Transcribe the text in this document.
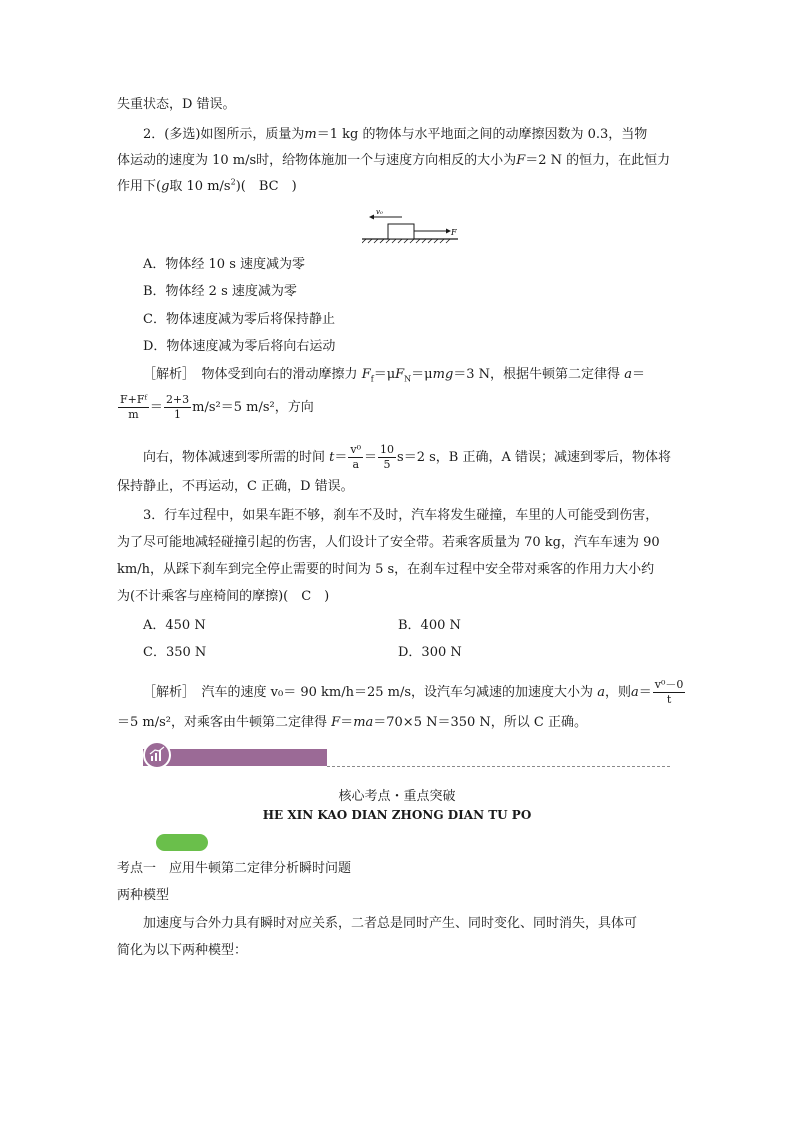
失重状态，D 错误。
2．(多选)如图所示，质量为m＝1 kg 的物体与水平地面之间的动摩擦因数为 0.3，当物
体运动的速度为 10 m/s时，给物体施加一个与速度方向相反的大小为F＝2 N 的恒力，在此恒力
作用下(g取 10 $m/s^2$)(　BC　)
v₀
F
A．物体经 10 s 速度减为零
B．物体经 2 s 速度减为零
C．物体速度减为零后将保持静止
D．物体速度减为零后将向右运动
［解析］　 物体受到向右的滑动摩擦力 $F_f=\mu F_N=\mu mg=3$ N，根据牛顿第二定律得 a＝
$\frac{\text{F+Fᶠ}}{m} = \frac{2+3}{1} m/s^2=5$ m/s²，方向
向右，物体减速到零所需的时间 $t= \frac{\text{v⁰}}{a} = \frac{10}{5} s=2$ s，B 正确，A 错误；减速到零后，物体将
保持静止，不再运动，C 正确，D 错误。
3．行车过程中，如果车距不够，刹车不及时，汽车将发生碰撞，车里的人可能受到伤害，
为了尽可能地减轻碰撞引起的伤害，人们设计了安全带。若乘客质量为 70 kg，汽车车速为 90
km/h，从踩下刹车到完全停止需要的时间为 5 s，在刹车过程中安全带对乘客的作用力大小约
为(不计乘客与座椅间的摩擦)(　C　)
A．450 N	B．400 N
C．350 N	D．300 N
［解析］　 汽车的速度 v₀＝ 90 km/h＝25 m/s，设汽车匀减速的加速度大小为 a，则$a= \frac{\text{v⁰－0}}{t}$
＝5 m/s²，对乘客由牛顿第二定律得 F＝ma＝70×5 N＝350 N，所以 C 正确。
核心考点・重点突破
HE XIN KAO DIAN ZHONG DIAN TU PO
考点一　应用牛顿第二定律分析瞬时问题
两种模型
加速度与合外力具有瞬时对应关系，二者总是同时产生、同时变化、同时消失，具体可
简化为以下两种模型：
